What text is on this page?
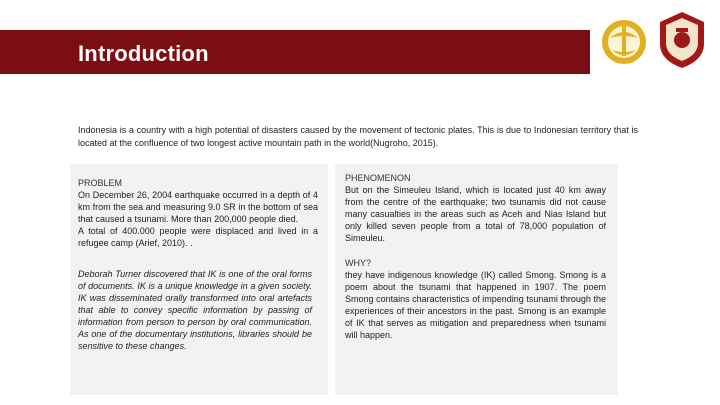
Introduction
Indonesia is a country with a high potential of disasters caused by the movement of tectonic plates. This is due to Indonesian territory that is located at the confluence of two longest active mountain path in the world(Nugroho, 2015).
PROBLEM
On December 26, 2004 earthquake occurred in a depth of 4 km from the sea and measuring 9.0 SR in the bottom of sea that caused a tsunami. More than 200,000 people died.
A total of 400.000 people were displaced and lived in a refugee camp (Arief, 2010). .
Deborah Turner discovered that IK is one of the oral forms of documents. IK is a unique knowledge in a given society. IK was disseminated orally transformed into oral artefacts that able to convey specific information by passing of information from person to person by oral communication. As one of the documentary institutions, libraries should be sensitive to these changes.
PHENOMENON
But on the Simeuleu Island, which is located just 40 km away from the centre of the earthquake; two tsunamis did not cause many casualties in the areas such as Aceh and Nias Island but only killed seven people from a total of 78,000 population of Simeuleu.
WHY?
they have indigenous knowledge (IK) called Smong. Smong is a poem about the tsunami that happened in 1907. The poem Smong contains characteristics of impending tsunami through the experiences of their ancestors in the past. Smong is an example of IK that serves as mitigation and preparedness when tsunami will happen.
